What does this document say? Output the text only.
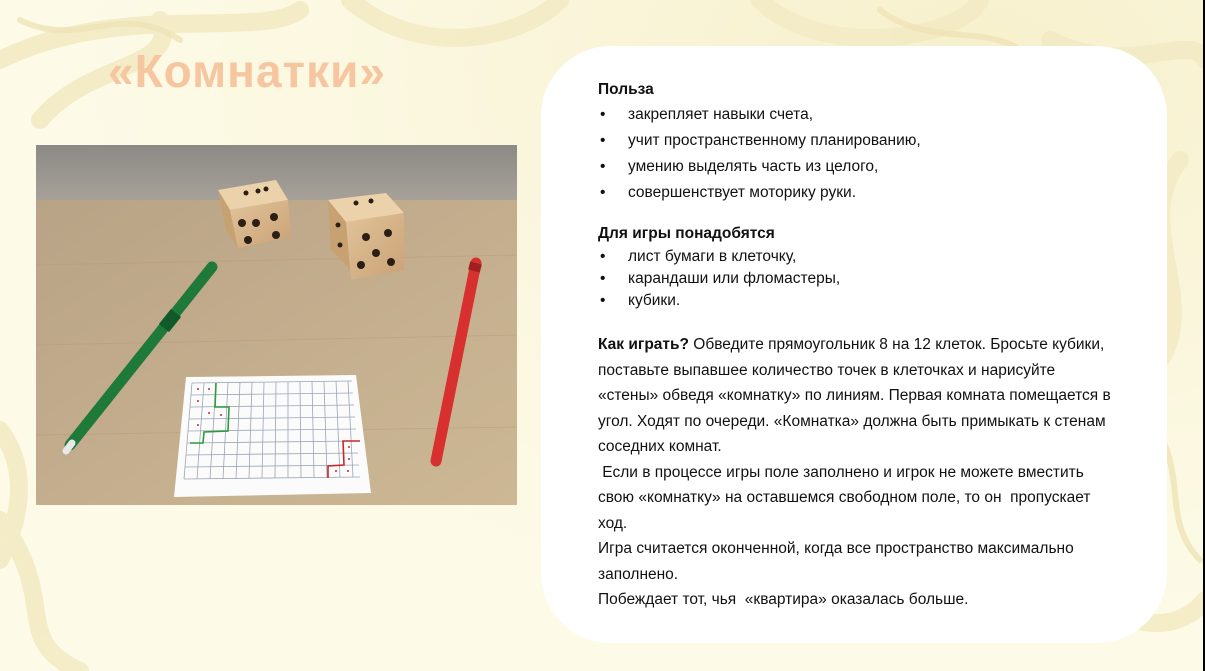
«Комнатки»	Польза

• закрепляет навыки счета,
• учит пространственному планированию,
• умению выделять часть из целого,
• совершенствует моторику руки.

Для игры понадобятся

• лист бумаги в клеточку,
• карандаши или фломастеры,
• кубики.

Как играть? Обведите прямоугольник 8 на 12 клеток. Бросьте кубики,

поставьте выпавшее количество точек в клеточках и нарисуйте

«стены» обведя «комнатку» по линиям. Первая комната помещается в

угол. Ходят по очереди. «Комнатка» должна быть примыкать к стенам

соседних комнат.

Если в процессе игры поле заполнено и игрок не можете вместить

свою «комнатку» на оставшемся свободном поле, то он  пропускает

ход.

Игра считается оконченной, когда все пространство максимально

заполнено.

Побеждает тот, чья  «квартира» оказалась больше.
